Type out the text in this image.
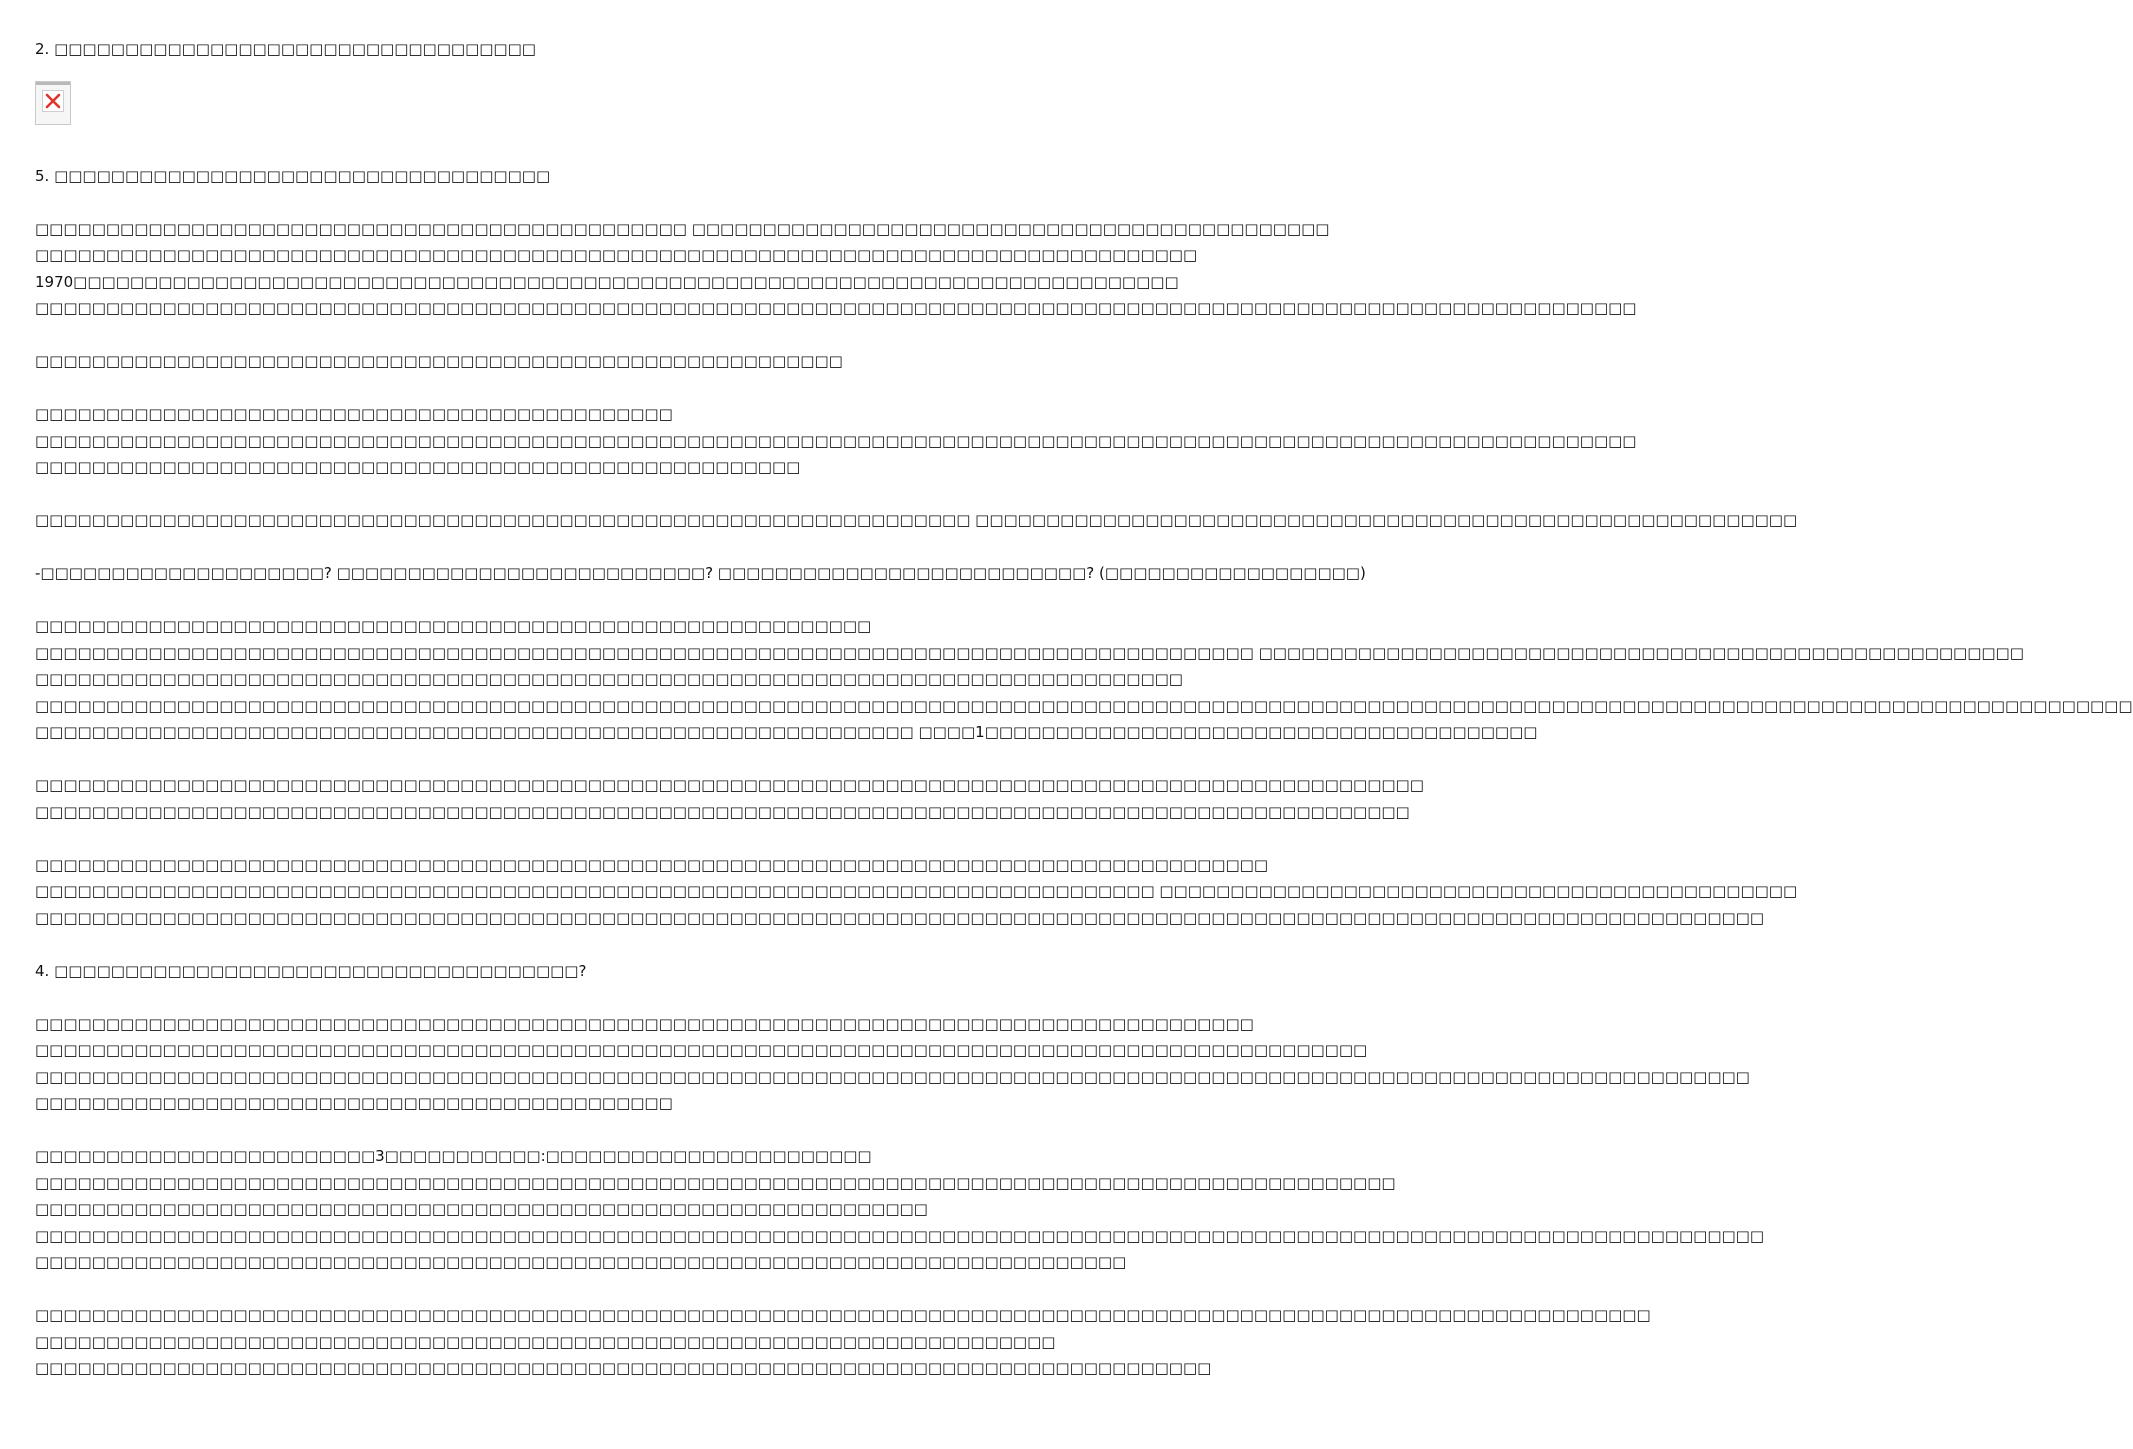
2. □□□□□□□□□□□□□□□□□□□□□□□□□□□□□□□□□□
5. □□□□□□□□□□□□□□□□□□□□□□□□□□□□□□□□□□□
□□□□□□□□□□□□□□□□□□□□□□□□□□□□□□□□□□□□□□□□□□□□□□ □□□□□□□□□□□□□□□□□□□□□□□□□□□□□□□□□□□□□□□□□□□□□
□□□□□□□□□□□□□□□□□□□□□□□□□□□□□□□□□□□□□□□□□□□□□□□□□□□□□□□□□□□□□□□□□□□□□□□□□□□□□□□□□□
1970□□□□□□□□□□□□□□□□□□□□□□□□□□□□□□□□□□□□□□□□□□□□□□□□□□□□□□□□□□□□□□□□□□□□□□□□□□□□□□
□□□□□□□□□□□□□□□□□□□□□□□□□□□□□□□□□□□□□□□□□□□□□□□□□□□□□□□□□□□□□□□□□□□□□□□□□□□□□□□□□□□□□□□□□□□□□□□□□□□□□□□□□□□□□□□□□
□□□□□□□□□□□□□□□□□□□□□□□□□□□□□□□□□□□□□□□□□□□□□□□□□□□□□□□□□
□□□□□□□□□□□□□□□□□□□□□□□□□□□□□□□□□□□□□□□□□□□□□
□□□□□□□□□□□□□□□□□□□□□□□□□□□□□□□□□□□□□□□□□□□□□□□□□□□□□□□□□□□□□□□□□□□□□□□□□□□□□□□□□□□□□□□□□□□□□□□□□□□□□□□□□□□□□□□□□
□□□□□□□□□□□□□□□□□□□□□□□□□□□□□□□□□□□□□□□□□□□□□□□□□□□□□□
□□□□□□□□□□□□□□□□□□□□□□□□□□□□□□□□□□□□□□□□□□□□□□□□□□□□□□□□□□□□□□□□□□ □□□□□□□□□□□□□□□□□□□□□□□□□□□□□□□□□□□□□□□□□□□□□□□□□□□□□□□□□□
-□□□□□□□□□□□□□□□□□□□□? □□□□□□□□□□□□□□□□□□□□□□□□□□? □□□□□□□□□□□□□□□□□□□□□□□□□□? (□□□□□□□□□□□□□□□□□□)
□□□□□□□□□□□□□□□□□□□□□□□□□□□□□□□□□□□□□□□□□□□□□□□□□□□□□□□□□□□
□□□□□□□□□□□□□□□□□□□□□□□□□□□□□□□□□□□□□□□□□□□□□□□□□□□□□□□□□□□□□□□□□□□□□□□□□□□□□□□□□□□□□□ □□□□□□□□□□□□□□□□□□□□□□□□□□□□□□□□□□□□□□□□□□□□□□□□□□□□□□
□□□□□□□□□□□□□□□□□□□□□□□□□□□□□□□□□□□□□□□□□□□□□□□□□□□□□□□□□□□□□□□□□□□□□□□□□□□□□□□□□
□□□□□□□□□□□□□□□□□□□□□□□□□□□□□□□□□□□□□□□□□□□□□□□□□□□□□□□□□□□□□□□□□□□□□□□□□□□□□□□□□□□□□□□□□□□□□□□□□□□□□□□□□□□□□□□□□□□□□□□□□□□□□□□□□□□□□□□□□□□□□□□□□□□□
□□□□□□□□□□□□□□□□□□□□□□□□□□□□□□□□□□□□□□□□□□□□□□□□□□□□□□□□□□□□□□ □□□□1□□□□□□□□□□□□□□□□□□□□□□□□□□□□□□□□□□□□□□□
□□□□□□□□□□□□□□□□□□□□□□□□□□□□□□□□□□□□□□□□□□□□□□□□□□□□□□□□□□□□□□□□□□□□□□□□□□□□□□□□□□□□□□□□□□□□□□□□□□
□□□□□□□□□□□□□□□□□□□□□□□□□□□□□□□□□□□□□□□□□□□□□□□□□□□□□□□□□□□□□□□□□□□□□□□□□□□□□□□□□□□□□□□□□□□□□□□□□
□□□□□□□□□□□□□□□□□□□□□□□□□□□□□□□□□□□□□□□□□□□□□□□□□□□□□□□□□□□□□□□□□□□□□□□□□□□□□□□□□□□□□□□
□□□□□□□□□□□□□□□□□□□□□□□□□□□□□□□□□□□□□□□□□□□□□□□□□□□□□□□□□□□□□□□□□□□□□□□□□□□□□□□ □□□□□□□□□□□□□□□□□□□□□□□□□□□□□□□□□□□□□□□□□□□□□
□□□□□□□□□□□□□□□□□□□□□□□□□□□□□□□□□□□□□□□□□□□□□□□□□□□□□□□□□□□□□□□□□□□□□□□□□□□□□□□□□□□□□□□□□□□□□□□□□□□□□□□□□□□□□□□□□□□□□□□□□□
4. □□□□□□□□□□□□□□□□□□□□□□□□□□□□□□□□□□□□□?
□□□□□□□□□□□□□□□□□□□□□□□□□□□□□□□□□□□□□□□□□□□□□□□□□□□□□□□□□□□□□□□□□□□□□□□□□□□□□□□□□□□□□□
□□□□□□□□□□□□□□□□□□□□□□□□□□□□□□□□□□□□□□□□□□□□□□□□□□□□□□□□□□□□□□□□□□□□□□□□□□□□□□□□□□□□□□□□□□□□□□
□□□□□□□□□□□□□□□□□□□□□□□□□□□□□□□□□□□□□□□□□□□□□□□□□□□□□□□□□□□□□□□□□□□□□□□□□□□□□□□□□□□□□□□□□□□□□□□□□□□□□□□□□□□□□□□□□□□□□□□□□
□□□□□□□□□□□□□□□□□□□□□□□□□□□□□□□□□□□□□□□□□□□□□
□□□□□□□□□□□□□□□□□□□□□□□□3□□□□□□□□□□□:□□□□□□□□□□□□□□□□□□□□□□□
□□□□□□□□□□□□□□□□□□□□□□□□□□□□□□□□□□□□□□□□□□□□□□□□□□□□□□□□□□□□□□□□□□□□□□□□□□□□□□□□□□□□□□□□□□□□□□□□
□□□□□□□□□□□□□□□□□□□□□□□□□□□□□□□□□□□□□□□□□□□□□□□□□□□□□□□□□□□□□□□
□□□□□□□□□□□□□□□□□□□□□□□□□□□□□□□□□□□□□□□□□□□□□□□□□□□□□□□□□□□□□□□□□□□□□□□□□□□□□□□□□□□□□□□□□□□□□□□□□□□□□□□□□□□□□□□□□□□□□□□□□□
□□□□□□□□□□□□□□□□□□□□□□□□□□□□□□□□□□□□□□□□□□□□□□□□□□□□□□□□□□□□□□□□□□□□□□□□□□□□□
□□□□□□□□□□□□□□□□□□□□□□□□□□□□□□□□□□□□□□□□□□□□□□□□□□□□□□□□□□□□□□□□□□□□□□□□□□□□□□□□□□□□□□□□□□□□□□□□□□□□□□□□□□□□□□□□□□
□□□□□□□□□□□□□□□□□□□□□□□□□□□□□□□□□□□□□□□□□□□□□□□□□□□□□□□□□□□□□□□□□□□□□□□□
□□□□□□□□□□□□□□□□□□□□□□□□□□□□□□□□□□□□□□□□□□□□□□□□□□□□□□□□□□□□□□□□□□□□□□□□□□□□□□□□□□□
